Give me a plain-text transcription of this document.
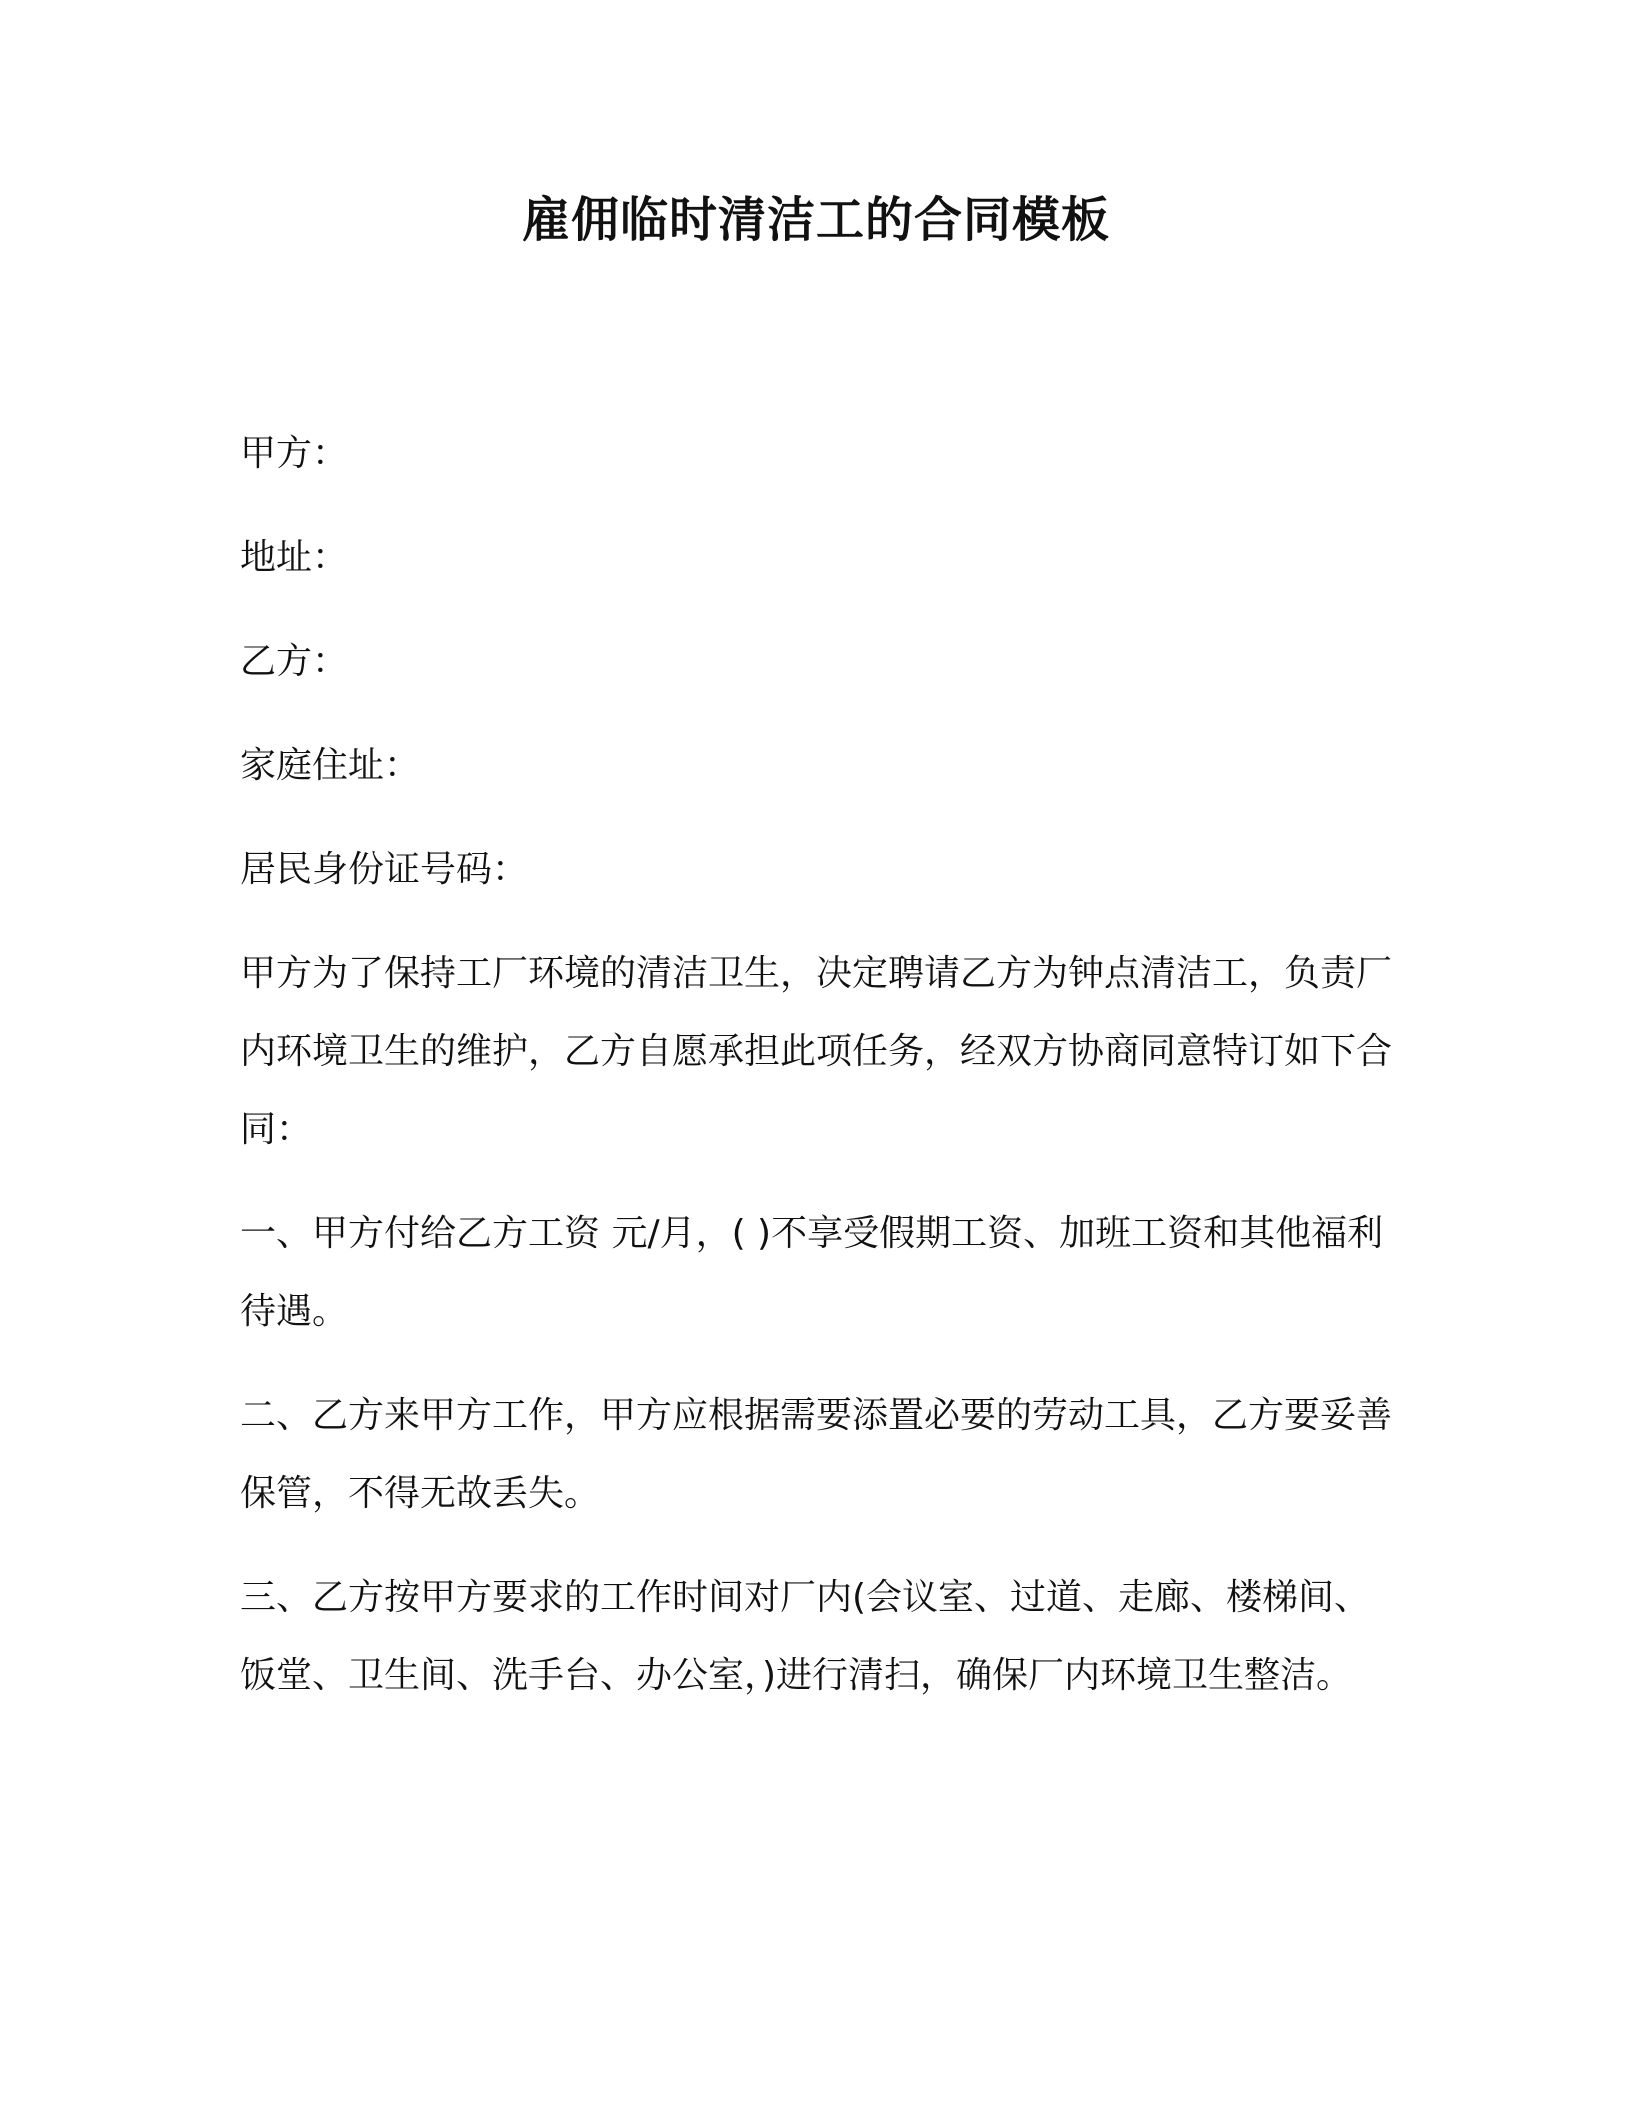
雇佣临时清洁工的合同模板

甲方：

地址：

乙方：

家庭住址：

居民身份证号码：

甲方为了保持工厂环境的清洁卫生，决定聘请乙方为钟点清洁工，负责厂内环境卫生的维护，乙方自愿承担此项任务，经双方协商同意特订如下合同：

一、甲方付给乙方工资 元/月，( )不享受假期工资、加班工资和其他福利待遇。

二、乙方来甲方工作，甲方应根据需要添置必要的劳动工具，乙方要妥善保管，不得无故丢失。

三、乙方按甲方要求的工作时间对厂内(会议室、过道、走廊、楼梯间、饭堂、卫生间、洗手台、办公室，)进行清扫，确保厂内环境卫生整洁。
